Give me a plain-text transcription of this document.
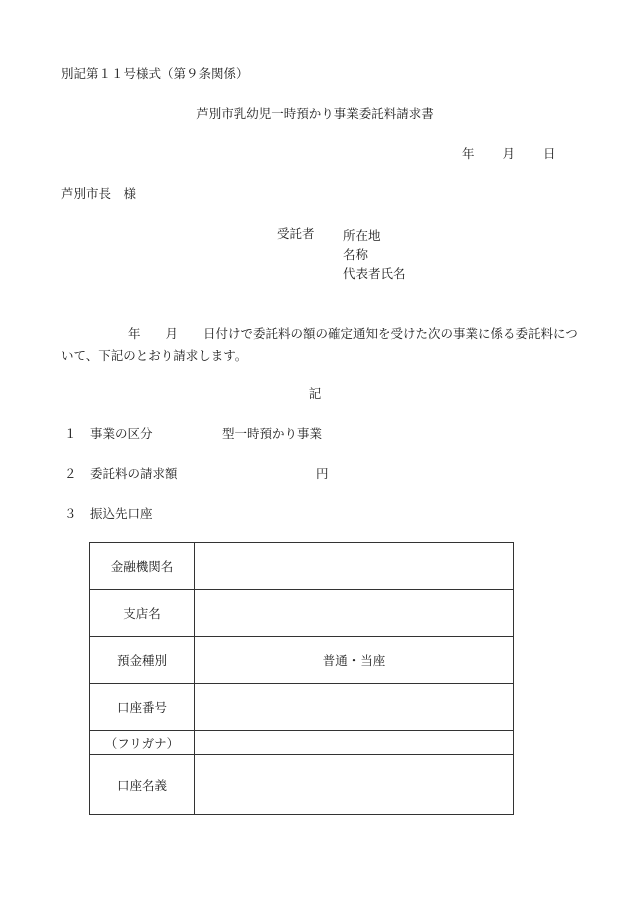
別記第１１号様式（第９条関係）
芦別市乳幼児一時預かり事業委託料請求書
年 月 日
芦別市長　様
受託者 所在地
名称
代表者氏名
年 月 日付けで委託料の額の確定通知を受けた次の事業に係る委託料について、下記のとおり請求します。
記
１ 事業の区分	型一時預かり事業
２ 委託料の請求額	円
３ 振込先口座
金融機関名	
支店名	
預金種別	普通・当座
口座番号	
（フリガナ）	
口座名義	
